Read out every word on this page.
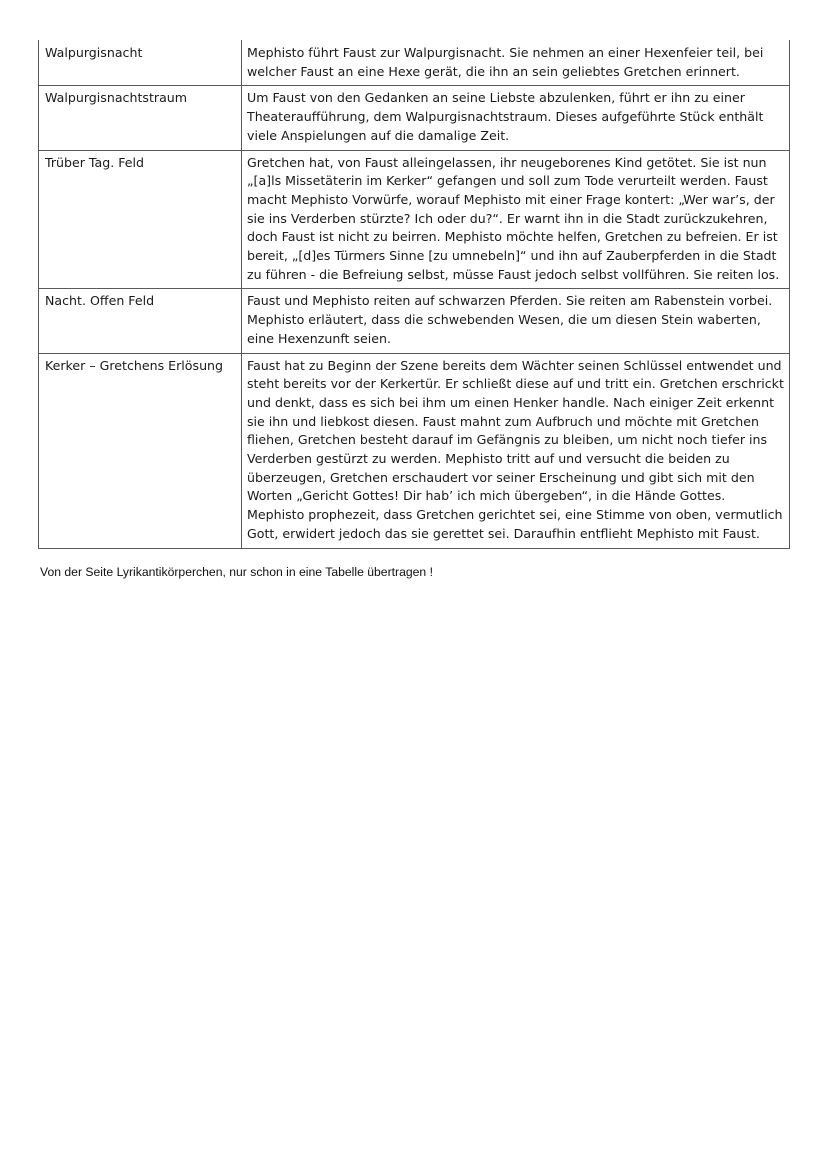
Walpurgisnacht	Mephisto führt Faust zur Walpurgisnacht. Sie nehmen an einer Hexenfeier teil, bei welcher Faust an eine Hexe gerät, die ihn an sein geliebtes Gretchen erinnert.
Walpurgisnachtstraum	Um Faust von den Gedanken an seine Liebste abzulenken, führt er ihn zu einer Theateraufführung, dem Walpurgisnachtstraum. Dieses aufgeführte Stück enthält viele Anspielungen auf die damalige Zeit.
Trüber Tag. Feld	Gretchen hat, von Faust alleingelassen, ihr neugeborenes Kind getötet. Sie ist nun „[a]ls Missetäterin im Kerker“ gefangen und soll zum Tode verurteilt werden. Faust macht Mephisto Vorwürfe, worauf Mephisto mit einer Frage kontert: „Wer war’s, der sie ins Verderben stürzte? Ich oder du?“. Er warnt ihn in die Stadt zurückzukehren, doch Faust ist nicht zu beirren. Mephisto möchte helfen, Gretchen zu befreien. Er ist bereit, „[d]es Türmers Sinne [zu umnebeln]“ und ihn auf Zauberpferden in die Stadt zu führen - die Befreiung selbst, müsse Faust jedoch selbst vollführen. Sie reiten los.
Nacht. Offen Feld	Faust und Mephisto reiten auf schwarzen Pferden. Sie reiten am Rabenstein vorbei. Mephisto erläutert, dass die schwebenden Wesen, die um diesen Stein waberten, eine Hexenzunft seien.
Kerker – Gretchens Erlösung	Faust hat zu Beginn der Szene bereits dem Wächter seinen Schlüssel entwendet und steht bereits vor der Kerkertür. Er schließt diese auf und tritt ein. Gretchen erschrickt und denkt, dass es sich bei ihm um einen Henker handle. Nach einiger Zeit erkennt sie ihn und liebkost diesen. Faust mahnt zum Aufbruch und möchte mit Gretchen fliehen, Gretchen besteht darauf im Gefängnis zu bleiben, um nicht noch tiefer ins Verderben gestürzt zu werden. Mephisto tritt auf und versucht die beiden zu überzeugen, Gretchen erschaudert vor seiner Erscheinung und gibt sich mit den Worten „Gericht Gottes! Dir hab’ ich mich übergeben“, in die Hände Gottes. Mephisto prophezeit, dass Gretchen gerichtet sei, eine Stimme von oben, vermutlich Gott, erwidert jedoch das sie gerettet sei. Daraufhin entflieht Mephisto mit Faust.
Von der Seite Lyrikantikörperchen, nur schon in eine Tabelle übertragen !
